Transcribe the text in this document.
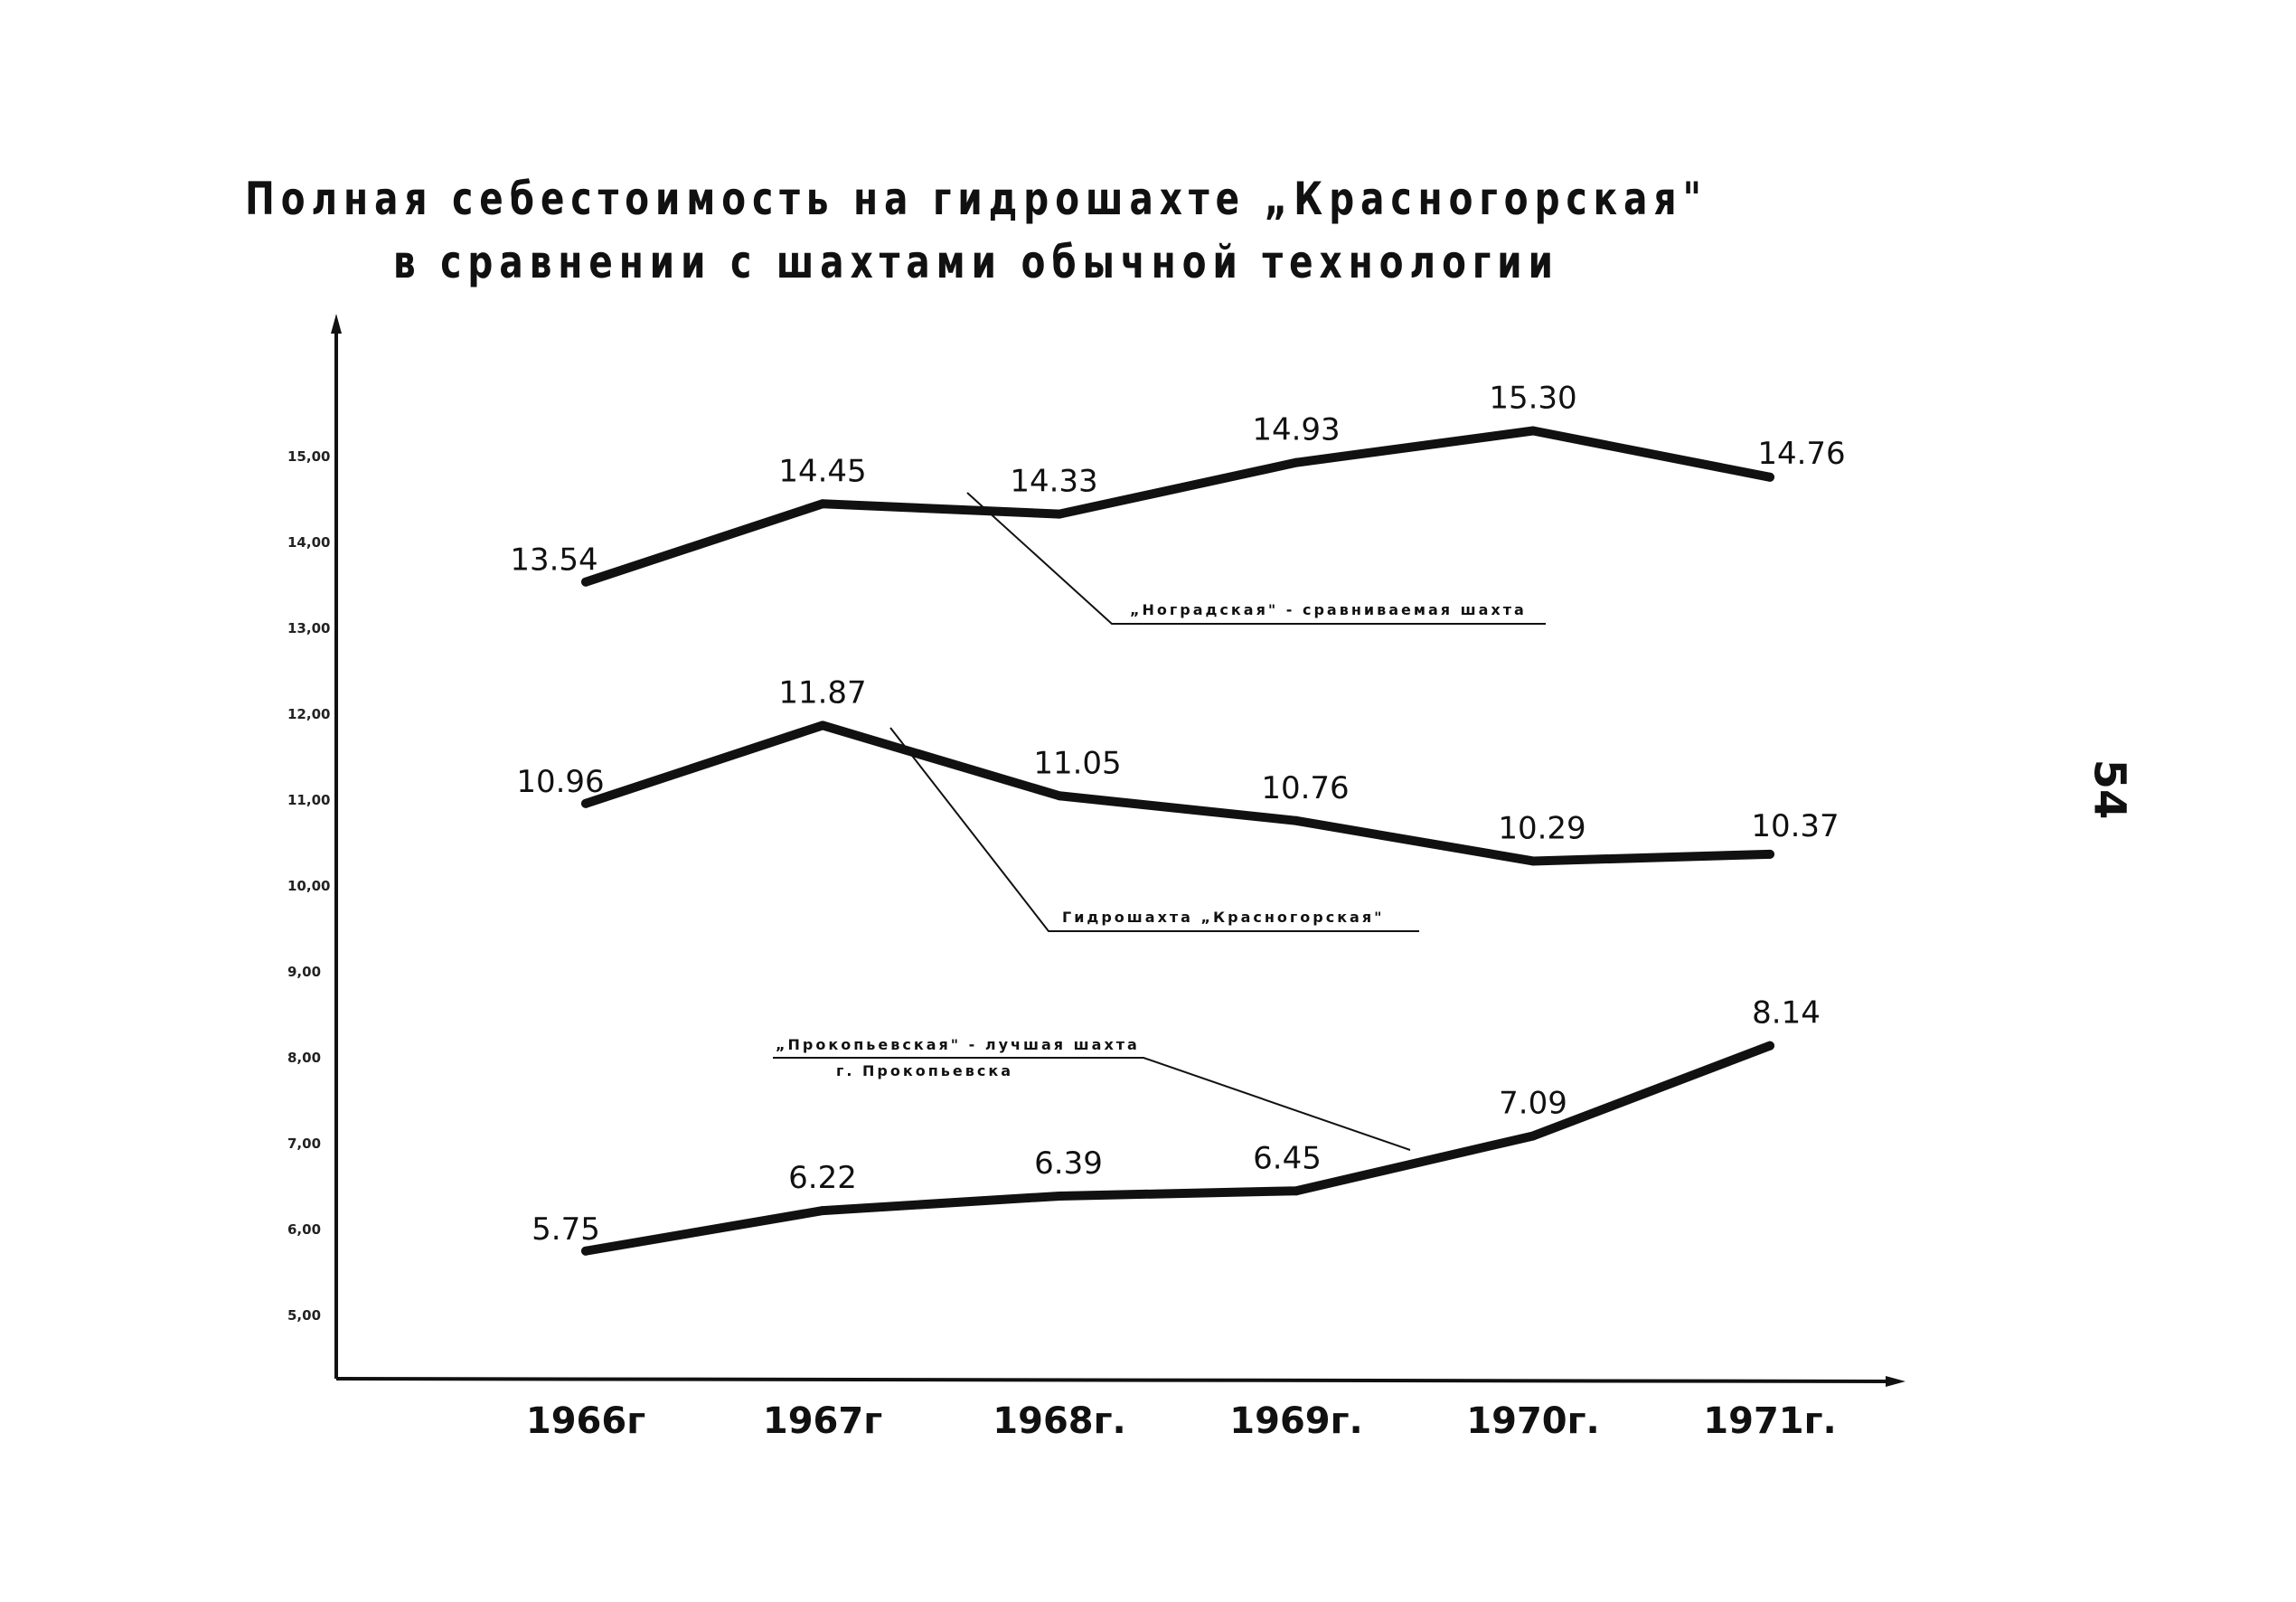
Полная себестоимость на гидрошахте „Красногорская"
в сравнении с шахтами обычной технологии
54
5,00
6,00
7,00
8,00
9,00
10,00
11,00
12,00
13,00
14,00
15,00
1966г	1967г	1968г.	1969г.	1970г.	1971г.
„Ноградская" - сравниваемая шахта
Гидрошахта „Красногорская"
„Прокопьевская" - лучшая шахта
г. Прокопьевска
13.54
14.45	14.33
14.93
15.30
14.76
10.96
11.87
11.05
10.76
10.29	10.37
5.75
6.22	6.39	6.45
7.09
8.14
